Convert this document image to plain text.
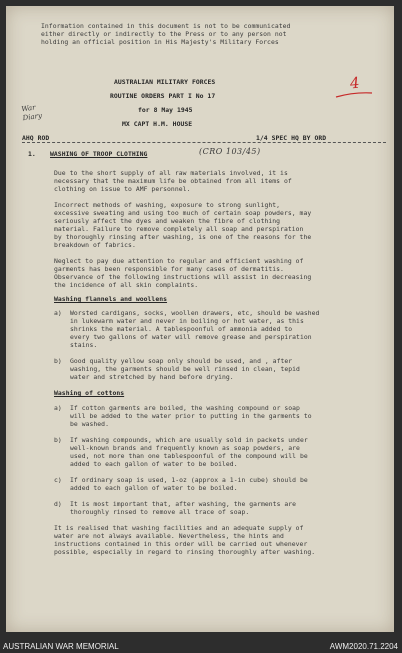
Information contained in this document is not to be communicated
either directly or indirectly to the Press or to any person not
holding an official position in His Majesty's Military Forces
4
War Diary
AUSTRALIAN MILITARY FORCES
ROUTINE ORDERS PART I No 17
for 8 May 1945
MX CAPT H.M. HOUSE
AHQ ROD	1/4 SPEC HQ BY ORD
1. WASHING OF TROOP CLOTHING	(CRO 103/45)
Due to the short supply of all raw materials involved, it is
necessary that the maximum life be obtained from all items of
clothing on issue to AMF personnel.
Incorrect methods of washing, exposure to strong sunlight,
excessive sweating and using too much of certain soap powders, may
seriously affect the dyes and weaken the fibre of clothing
material. Failure to remove completely all soap and perspiration
by thoroughly rinsing after washing, is one of the reasons for the
breakdown of fabrics.
Neglect to pay due attention to regular and efficient washing of
garments has been responsible for many cases of dermatitis.
Observance of the following instructions will assist in decreasing
the incidence of all skin complaints.
Washing flannels and woollens
a) Worsted cardigans, socks, woollen drawers, etc, should be washed
in lukewarm water and never in boiling or hot water, as this
shrinks the material. A tablespoonful of ammonia added to
every two gallons of water will remove grease and perspiration
stains.
b) Good quality yellow soap only should be used, and , after
washing, the garments should be well rinsed in clean, tepid
water and stretched by hand before drying.
Washing of cottons
a) If cotton garments are boiled, the washing compound or soap
will be added to the water prior to putting in the garments to
be washed.
b) If washing compounds, which are usually sold in packets under
well-known brands and frequently known as soap powders, are
used, not more than one tablespoonful of the compound will be
added to each gallon of water to be boiled.
c) If ordinary soap is used, 1-oz (approx a 1-in cube) should be
added to each gallon of water to be boiled.
d) It is most important that, after washing, the garments are
thoroughly rinsed to remove all trace of soap.
It is realised that washing facilities and an adequate supply of
water are not always available. Nevertheless, the hints and
instructions contained in this order will be carried out whenever
possible, especially in regard to rinsing thoroughly after washing.
AUSTRALIAN WAR MEMORIAL	AWM2020.71.2204
